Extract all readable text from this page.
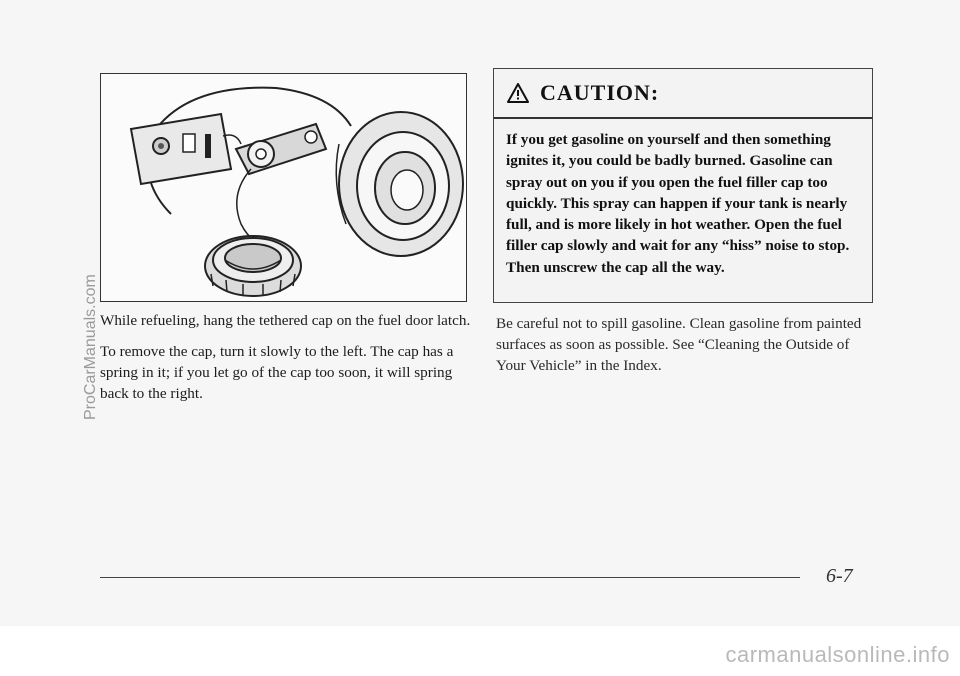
ProCarManuals.com
CAUTION:
If you get gasoline on yourself and then something ignites it, you could be badly burned. Gasoline can spray out on you if you open the fuel filler cap too quickly. This spray can happen if your tank is nearly full, and is more likely in hot weather. Open the fuel filler cap slowly and wait for any “hiss” noise to stop. Then unscrew the cap all the way.

While refueling, hang the tethered cap on the fuel door latch.

To remove the cap, turn it slowly to the left. The cap has a spring in it; if you let go of the cap too soon, it will spring back to the right.

Be careful not to spill gasoline. Clean gasoline from painted surfaces as soon as possible. See “Cleaning the Outside of Your Vehicle” in the Index.

6-7
carmanualsonline.info
